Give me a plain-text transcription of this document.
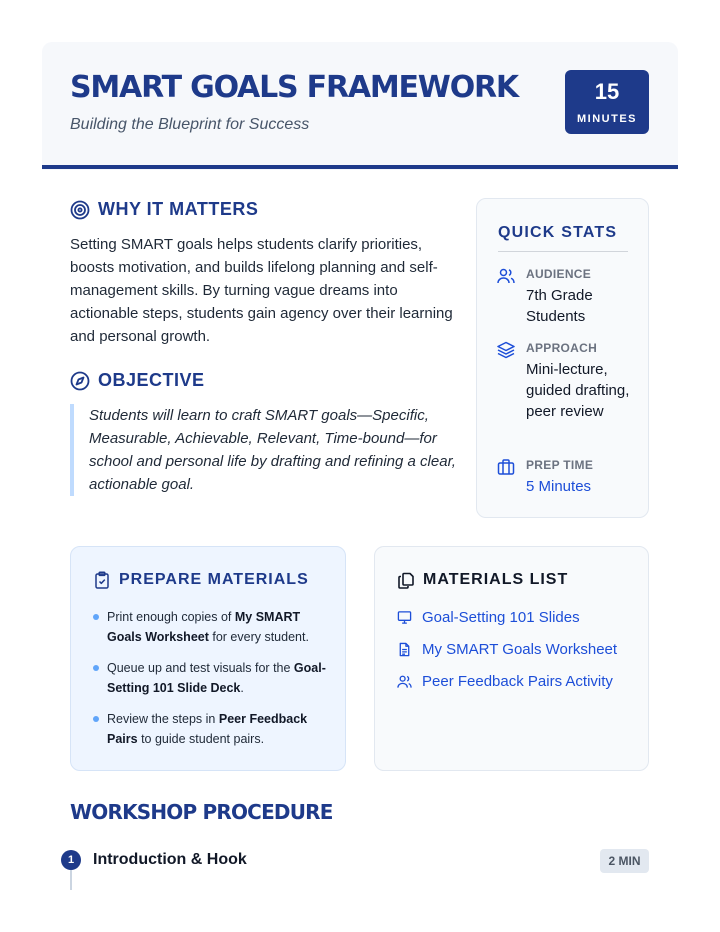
SMART GOALS FRAMEWORK
Building the Blueprint for Success
15
MINUTES
WHY IT MATTERS
Setting SMART goals helps students clarify priorities, boosts motivation, and builds lifelong planning and self-management skills. By turning vague dreams into actionable steps, students gain agency over their learning and personal growth.
OBJECTIVE
Students will learn to craft SMART goals—Specific, Measurable, Achievable, Relevant, Time-bound—for school and personal life by drafting and refining a clear, actionable goal.
QUICK STATS
AUDIENCE
7th Grade Students
APPROACH
Mini-lecture, guided drafting, peer review
PREP TIME
5 Minutes
PREPARE MATERIALS
Print enough copies of My SMART Goals Worksheet for every student.
Queue up and test visuals for the Goal-Setting 101 Slide Deck.
Review the steps in Peer Feedback Pairs to guide student pairs.
MATERIALS LIST
Goal-Setting 101 Slides
My SMART Goals Worksheet
Peer Feedback Pairs Activity
WORKSHOP PROCEDURE
1	Introduction & Hook	2 MIN
